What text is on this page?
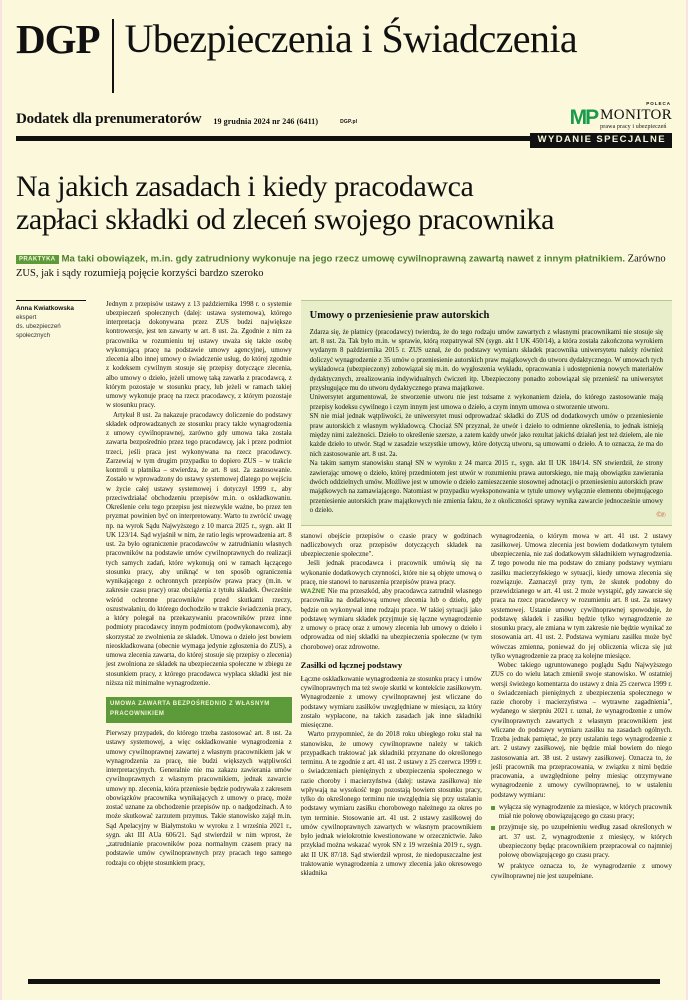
DGP Ubezpieczenia i Świadczenia
Dodatek dla prenumeratorów 19 grudnia 2024 nr 246 (6411)	DGP.pl
POLECA
MP MONITOR
prawa pracy i ubezpieczeń
WYDANIE SPECJALNE
Na jakich zasadach i kiedy pracodawca
zapłaci składki od zleceń swojego pracownika
PRAKTYKA Ma taki obowiązek, m.in. gdy zatrudniony wykonuje na jego rzecz umowę cywilnoprawną zawartą nawet z innym płatnikiem. Zarówno ZUS, jak i sądy rozumieją pojęcie korzyści bardzo szeroko
Anna Kwiatkowska
ekspert
ds. ubezpieczeń
społecznych

Jednym z przepisów ustawy z 13 października 1998 r. o systemie ubezpieczeń społecznych (dalej: ustawa systemowa), którego interpretacja dokonywana przez ZUS budzi największe kontrowersje, jest ten zawarty w art. 8 ust. 2a. Zgodnie z nim za pracownika w rozumieniu tej ustawy uważa się także osobę wykonującą pracę na podstawie umowy agencyjnej, umowy zlecenia albo innej umowy o świadczenie usług, do której zgodnie z kodeksem cywilnym stosuje się przepisy dotyczące zlecenia, albo umowy o dzieło, jeżeli umowę taką zawarła z pracodawcą, z którym pozostaje w stosunku pracy, lub jeżeli w ramach takiej umowy wykonuje pracę na rzecz pracodawcy, z którym pozostaje w stosunku pracy.

Artykuł 8 ust. 2a nakazuje pracodawcy doliczenie do podstawy składek odprowadzanych ze stosunku pracy także wynagrodzenia z umowy cywilnoprawnej, zarówno gdy umowa taka została zawarta bezpośrednio przez tego pracodawcę, jak i przez podmiot trzeci, jeśli praca jest wykonywana na rzecz pracodawcy. Zarzewiaj w tym drugim przypadku to dopiero ZUS – w trakcie kontroli u płatnika – stwierdza, że art. 8 ust. 2a zastosowanie. Zostało w wprowadzony do ustawy systemowej dlatego po wejściu w życie całej ustawy systemowej i dotyczył 1999 r., aby przeciwdziałać obchodzeniu przepisów m.in. o oskładkowaniu. Określenie celu tego przepisu jest niezwykle ważne, bo przez ten pryzmat powinien być on interpretowany. Warto tu zwrócić uwagę np. na wyrok Sądu Najwyższego z 10 marca 2025 r., sygn. akt II UK 123/14. Sąd wyjaśnił w nim, że ratio legis wprowadzenia art. 8 ust. 2a było ograniczenie pracodawców w zatrudnianiu własnych pracowników na podstawie umów cywilnoprawnych do realizacji tych samych zadań, które wykonują oni w ramach łączącego stosunku pracy, aby uniknąć w ten sposób ograniczenia wynikającego z ochronnych przepisów prawa pracy (m.in. w zakresie czasu pracy) oraz obciążenia z tytułu składek. Ówcześnie wśród ochronne pracowników przed skutkami rzeczy, oszustwałaniu, do którego dochodziło w trakcie świadczenia pracy, a który polegał na przekazywaniu pracowników przez inne podmioty pracodawcy innym podmiotom (podwykonawcom), aby skorzystać ze zwolnienia ze składek. Umowa o dzieło jest bowiem nieoskładkowana (obecnie wymaga jedynie zgłoszenia do ZUS), a umowa zlecenia zawarta, do której stosuje się przepisy o zlecenia) jest zwolniona ze składek na ubezpieczenia społeczne w zbiegu ze stosunkiem pracy, z którego pracodawca wypłaca składki jest nie niższa niż minimalne wynagrodzenie.

UMOWA ZAWARTA BEZPOŚREDNIO Z WŁASNYM PRACOWNIKIEM

Pierwszy przypadek, do którego trzeba zastosować art. 8 ust. 2a ustawy systemowej, a więc oskładkowanie wynagrodzenia z umowy cywilnoprawnej zawartej z własnym pracownikiem jak w wynagrodzenia za pracę, nie budzi większych wątpliwości interpretacyjnych. Generalnie nie ma zakazu zawierania umów cywilnoprawnych z własnym pracownikiem, jednak zawarcie umowy np. zlecenia, która przeniesie będzie podrywała z zakresem obowiązków pracownika wynikających z umowy o pracę, może zostać uznane za obchodzenie przepisów np. o nadgodzinach. A to może skutkować zarzutem przymus. Takie stanowisko zajął m.in. Sąd Apelacyjny w Białymstoku w wyroku z 1 września 2021 r., sygn. akt III AUa 606/21. Sąd stwierdził w nim wprost, że „zatrudnianie pracowników poza normalnym czasem pracy na podstawie umów cywilnoprawnych przy pracach tego samego rodzaju co objęte stosunkiem pracy,

Umowy o przeniesienie praw autorskich

Zdarza się, że płatnicy (pracodawcy) twierdzą, że do tego rodzaju umów zawartych z własnymi pracownikami nie stosuje się art. 8 ust. 2a. Tak było m.in. w sprawie, którą rozpatrywał SN (sygn. akt I UK 450/14), a która została zakończona wyrokiem wydanym 8 października 2015 r. ZUS uznał, że do podstawy wymiaru składek pracownika uniwersytetu należy również doliczyć wynagrodzenie z 35 umów o przeniesienie autorskich praw majątkowych do utworu dydaktycznego. W umowach tych wykładowca (ubezpieczony) zobowiązał się m.in. do wygłoszenia wykładu, opracowania i udostępnienia nowych materiałów dydaktycznych, zrealizowania indywidualnych ćwiczeń itp. Ubezpieczony ponadto zobowiązał się przenieść na uniwersytet przysługujące mu do utworu dydaktycznego prawa majątkowe.

Uniwersytet argumentował, że stworzenie utworu nie jest tożsame z wykonaniem dzieła, do którego zastosowanie mają przepisy kodeksu cywilnego i czym innym jest umowa o dzieło, a czym innym umowa o stworzenie utworu.

SN nie miał jednak wątpliwości, że uniwersytet musi odprowadzać składki do ZUS od dodatkowych umów o przeniesienie praw autorskich z własnym wykładowcą. Chociaż SN przyznał, że utwór i dzieło to odmienne określenia, to jednak istnieją między nimi zależności. Dzieło to określenie szersze, a zatem każdy utwór jako rezultat jakichś działań jest też dziełem, ale nie każde dzieło to utwór. Stąd w zasadzie wszystkie umowy, które dotyczą utworu, są umowami o dzieło. A to oznacza, że ma do nich zastosowanie art. 8 ust. 2a.

Na takim samym stanowisku stanął SN w wyroku z 24 marca 2015 r., sygn. akt II UK 184/14. SN stwierdził, że strony zawierając umowę o dzieło, której przedmiotem jest utwór w rozumieniu prawa autorskiego, nie mają obowiązku zawierania dwóch oddzielnych umów. Możliwe jest w umowie o dzieło zamieszczenie stosownej adnotacji o przeniesieniu autorskich praw majątkowych na zamawiającego. Natomiast w przypadku wyeksponowania w tytule umowy wyłącznie elementu obejmującego przeniesienie autorskich praw majątkowych nie zmienia faktu, że z okoliczności sprawy wynika zawarcie jednocześnie umowy o dzieło.	©℗

stanowi obejście przepisów o czasie pracy w godzinach nadliczbowych oraz przepisów dotyczących składek na ubezpieczenie społeczne".

Jeśli jednak pracodawca i pracownik umówią się na wykonanie dodatkowych czynności, które nie są objęte umową o pracę, nie stanowi to naruszenia przepisów prawa pracy.

WAŻNE Nie ma przeszkód, aby pracodawca zatrudnił własnego pracownika na dodatkową umowę zlecenia lub o dzieło, gdy będzie on wykonywał inne rodzaju prace. W takiej sytuacji jako podstawę wymiaru składek przyjmuje się łączne wynagrodzenie z umowy o pracę oraz z umowy zlecenia lub umowy o dzieło i odprowadza od niej składki na ubezpieczenia społeczne (w tym chorobowe) oraz zdrowotne.

Zasiłki od łącznej podstawy

Łączne oskładkowanie wynagrodzenia ze stosunku pracy i umów cywilnoprawnych ma też swoje skutki w kontekście zasiłkowym. Wynagrodzenie z umowy cywilnoprawnej jest wliczane do podstawy wymiaru zasiłków uwzględniane w miesiącu, za który zostało wypłacone, na takich zasadach jak inne składniki miesięczne.

Warto przypomnieć, że do 2018 roku ubiegłego roku stał na stanowisku, że umowy cywilnoprawne należy w takich przypadkach traktować jak składniki przyznane do określonego terminu. A te zgodnie z art. 41 ust. 2 ustawy z 25 czerwca 1999 r. o świadczeniach pieniężnych z ubezpieczenia społecznego w razie choroby i macierzyństwa (dalej: ustawa zasiłkowa) nie wpływają na wysokość tego pozostają bowiem stosunku pracy, tylko do określonego terminu nie uwzględnia się przy ustalaniu podstawy wymiaru zasiłku chorobowego należnego za okres po tym terminie. Stosowanie art. 41 ust. 2 ustawy zasiłkowej do umów cywilnoprawnych zawartych w własnym pracownikiem było jednak wielokrotnie kwestionowane w orzecznictwie. Jako przykład można wskazać wyrok SN z 19 września 2019 r., sygn. akt II UK 87/18. Sąd stwierdził wprost, że niedopuszczalne jest traktowanie wynagrodzenia z umowy zlecenia jako okresowego składnika

wynagrodzenia, o którym mowa w art. 41 ust. 2 ustawy zasiłkowej. Umowa zlecenia jest bowiem dodatkowym tytułem ubezpieczenia, nie zaś dodatkowym składnikiem wynagrodzenia. Z tego powodu nie ma podstaw do zmiany podstawy wymiaru zasiłku macierzyńskiego w sytuacji, kiedy umowa zlecenia się rozwiązuje. Zaznaczył przy tym, że skutek podobny do przewidzianego w art. 41 ust. 2 może wystąpić, gdy zawarcie się praca na rzecz pracodawcy w rozumieniu art. 8 ust. 2a ustawy systemowej. Ustanie umowy cywilnoprawnej spowoduje, że podstawę składek i zasiłku będzie tylko wynagrodzenie ze stosunku pracy, ale zmiana w tym zakresie nie będzie wynikać ze stosowania art. 41 ust. 2. Podstawa wymiaru zasiłku może być wówczas zmienna, ponieważ do jej obliczenia wlicza się już tylko wynagrodzenie za pracę za kolejne miesiące.

Wobec takiego ugruntowanego poglądu Sądu Najwyższego ZUS co do wielu latach zmienił swoje stanowisko. W ostatniej wersji świeżego komentarza do ustawy z dnia 25 czerwca 1999 r. o świadczeniach pieniężnych z ubezpieczenia społecznego w razie choroby i macierzyństwa – wytrawne zagadnienia", wydanego w sierpniu 2021 r. uznał, że wynagrodzenie z umów cywilnoprawnych zawartych z własnym pracownikiem jest wliczane do podstawy wymiaru zasiłku na zasadach ogólnych. Trzeba jednak pamiętać, że przy ustalaniu tego wynagrodzenie z art. 2 ustawy zasiłkowej, nie będzie miał bowiem do niego zastosowania art. 38 ust. 2 ustawy zasiłkowej. Oznacza to, że jeśli pracownik ma przepracowania, w związku z nimi będzie pracowania, a uwzględnione pełny miesiąc otrzymywane wynagrodzenie z umowy cywilnoprawnej, to w ustaleniu podstawy wymiaru:

wyłącza się wynagrodzenie za miesiące, w których pracownik miał nie połowę obowiązującego go czasu pracy;
przyjmuje się, po uzupełnieniu według zasad określonych w art. 37 ust. 2, wynagrodzenie z miesięcy, w których ubezpieczony będąc pracownikiem przepracował co najmniej połowę obowiązującego go czasu pracy.

W praktyce oznacza to, że wynagrodzenie z umowy cywilnoprawnej nie jest uzupełniane.
